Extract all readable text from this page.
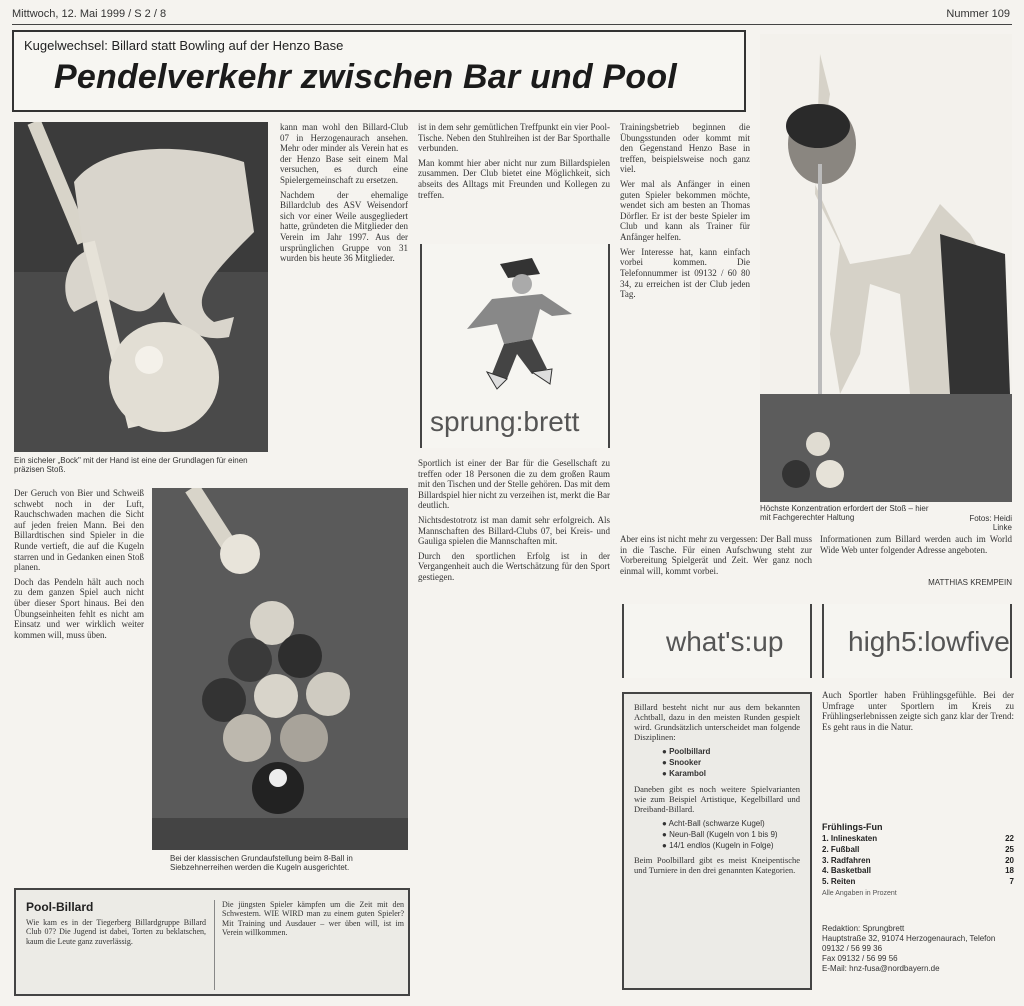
Mittwoch, 12. Mai 1999 / S 2 / 8	Nummer 109
Kugelwechsel: Billard statt Bowling auf der Henzo Base
Pendelverkehr zwischen Bar und Pool
Ein sicheler „Bock" mit der Hand ist eine der Grundlagen für einen präzisen Stoß.

Der Geruch von Bier und Schweiß schwebt noch in der Luft, Rauchschwaden machen die Sicht auf jeden freien Mann. Bei den Billardtischen sind Spieler in die Runde vertieft, die auf die Kugeln starren und in Gedanken einen Stoß planen.

Doch das Pendeln hält auch noch zu dem ganzen Spiel auch nicht über dieser Sport hinaus. Bei den Übungseinheiten fehlt es nicht am Einsatz und wer wirklich weiter kommen will, muss üben.

Bei der klassischen Grundaufstellung beim 8-Ball in Siebzehnerreihen werden die Kugeln ausgerichtet.

kann man wohl den Billard-Club 07 in Herzogenaurach ansehen. Mehr oder minder als Verein hat es der Henzo Base seit einem Mal versuchen, es durch eine Spielergemeinschaft zu ersetzen.

Nachdem der ehemalige Billardclub des ASV Weisendorf sich vor einer Weile ausgegliedert hatte, gründeten die Mitglieder den Verein im Jahr 1997. Aus der ursprünglichen Gruppe von 31 wurden bis heute 36 Mitglieder.

ist in dem sehr gemütlichen Treffpunkt ein vier Pool-Tische. Neben den Stuhlreihen ist der Bar Sporthalle verbunden.

Man kommt hier aber nicht nur zum Billardspielen zusammen. Der Club bietet eine Möglichkeit, sich abseits des Alltags mit Freunden und Kollegen zu treffen.

sprung:brett

Sportlich ist einer der Bar für die Gesellschaft zu treffen oder 18 Personen die zu dem großen Raum mit den Tischen und der Stelle gehören. Das mit dem Billardspiel hier nicht zu verzeihen ist, merkt die Bar deutlich.

Nichtsdestotrotz ist man damit sehr erfolgreich. Als Mannschaften des Billard-Clubs 07, bei Kreis- und Gauliga spielen die Mannschaften mit.

Durch den sportlichen Erfolg ist in der Vergangenheit auch die Wertschätzung für den Sport gestiegen.

Trainingsbetrieb beginnen die Übungsstunden oder kommt mit den Gegenstand Henzo Base in treffen, beispielsweise noch ganz viel.

Wer mal als Anfänger in einen guten Spieler bekommen möchte, wendet sich am besten an Thomas Dörfler. Er ist der beste Spieler im Club und kann als Trainer für Anfänger helfen.

Wer Interesse hat, kann einfach vorbei kommen. Die Telefonnummer ist 09132 / 60 80 34, zu erreichen ist der Club jeden Tag.

Höchste Konzentration erfordert der Stoß – hier mit Fachgerechter Haltung	Fotos: Heidi Linke

Informationen zum Billard werden auch im World Wide Web unter folgender Adresse angeboten.

MATTHIAS KREMPEIN

Aber eins ist nicht mehr zu vergessen: Der Ball muss in die Tasche. Für einen Aufschwung steht zur Vorbereitung Spielgerät und Zeit. Wer ganz noch einmal will, kommt vorbei.

what's:up high5:lowfive
Billard besteht nicht nur aus dem bekannten Achtball, dazu in den meisten Runden gespielt wird. Grundsätzlich unterscheidet man folgende Disziplinen:
● Poolbillard
● Snooker
● Karambol
Daneben gibt es noch weitere Spielvarianten wie zum Beispiel Artistique, Kegelbillard und Dreiband-Billard.
● Acht-Ball (schwarze Kugel)
● Neun-Ball (Kugeln von 1 bis 9)
● 14/1 endlos (Kugeln in Folge)
Beim Poolbillard gibt es meist Kneipentische und Turniere in den drei genannten Kategorien.

Auch Sportler haben Frühlingsgefühle. Bei der Umfrage unter Sportlern im Kreis zu Frühlingserlebnissen zeigte sich ganz klar der Trend: Es geht raus in die Natur.

Frühlings-Fun
1. Inlineskaten	22
2. Fußball	25
3. Radfahren	20
4. Basketball	18
5. Reiten	7
Alle Angaben in Prozent
Redaktion: Sprungbrett
Hauptstraße 32, 91074 Herzogenaurach, Telefon 09132 / 56 99 36
Fax 09132 / 56 99 56
E-Mail: hnz-fusa@nordbayern.de
Pool-Billard
Wie kam es in der Tiegerberg Billardgruppe Billard Club 07? Die Jugend ist dabei, Torten zu beklatschen, kaum die Leute ganz zuverlässig.
Die jüngsten Spieler kämpfen um die Zeit mit den Schwestern. WIE WIRD man zu einem guten Spieler? Mit Training und Ausdauer – wer üben will, ist im Verein willkommen.
